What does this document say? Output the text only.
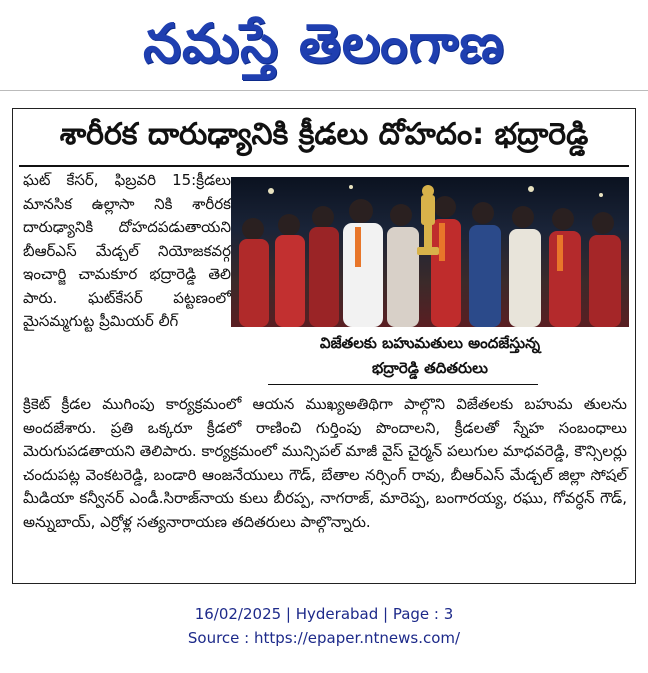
నమస్తే తెలంగాణ
శారీరక దారుఢ్యానికి క్రీడలు దోహదం: భద్రారెడ్డి

ఘట్ కేసర్, ఫిబ్రవరి 15:క్రీడలు మానసిక ఉల్లాసా నికి శారీరక దారుఢ్యానికి దోహదపడుతాయని బీఆర్ఎస్ మేడ్చల్ నియోజకవర్గ ఇంచార్జి చామకూర భద్రారెడ్డి తెలి పారు. ఘట్‌కేసర్ పట్టణంలో మైసమ్మగుట్ట ప్రీమియర్ లీగ్

విజేతలకు బహుమతులు అందజేస్తున్న
భద్రారెడ్డి తదితరులు

క్రికెట్ క్రీడల ముగింపు కార్యక్రమంలో ఆయన ముఖ్యఅతిథిగా పాల్గొని విజేతలకు బహుమ తులను అందజేశారు. ప్రతి ఒక్కరూ క్రీడలో రాణించి గుర్తింపు పొందాలని, క్రీడలతో స్నేహ సంబంధాలు మెరుగుపడతాయని తెలిపారు. కార్యక్రమంలో మున్సిపల్ మాజీ వైస్ చైర్మన్ పలుగుల మాధవరెడ్డి, కౌన్సిలర్లు చందుపట్ల వెంకటరెడ్డి, బండారి ఆంజనేయులు గౌడ్, బేతాల నర్సింగ్ రావు, బీఆర్ఎస్ మేడ్చల్ జిల్లా సోషల్ మీడియా కన్వీనర్ ఎండీ.సిరాజ్‌నాయ కులు బీరప్ప, నాగరాజ్, మారెప్ప, బంగారయ్య, రఘు, గోవర్ధన్ గౌడ్, అన్నుబాయ్, ఎర్రోళ్ల సత్యనారాయణ తదితరులు పాల్గొన్నారు.

16/02/2025 | Hyderabad | Page : 3
Source : https://epaper.ntnews.com/
